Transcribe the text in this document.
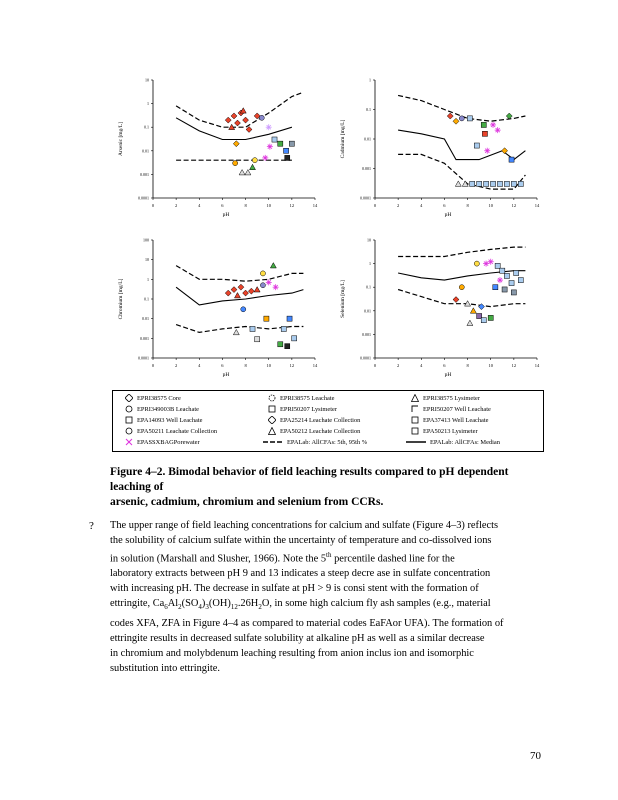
0.0001
0.001
0.01
0.1
1
10
0	2	4	6	8	10	12	14
pH
Arsenic [mg/L]
0.0001
0.001
0.01
0.1
1
0	2	4	6	8	10	12	14
pH
Cadmium [mg/L]
0.0001
0.001
0.01
0.1
1
10
100
0	2	4	6	8	10	12	14
pH
Chromium [mg/L]
0.0001
0.001
0.01
0.1
1
10
0	2	4	6	8	10	12	14
pH
Selenium [mg/L]
EPRI38575 Core	EPRI38575 Leachate	EPRI38575 Lysimeter
EPRI349003B Leachate	EPRI50207 Lysimeter	EPRI50207 Well Leachate
EPA14093 Well Leachate	EPA25214 Leachate Collection	EPA37413 Well Leachate
EPA50211 Leachate Collection	EPA50212 Leachate Collection	EPA50213 Lysimeter
EPASSXBAGPorewater	EPALab: AllCFAs: 5th, 95th %	EPALab: AllCFAs: Median
Figure 4–2. Bimodal behavior of field leaching results compared to pH dependent leaching of
arsenic, cadmium, chromium and selenium from CCRs.
? The upper range of field leaching concentrations for calcium and sulfate (Figure 4–3) reflects
the solubility of calcium sulfate within the uncertainty of temperature and co‐dissolved ions
in solution (Marshall and Slusher, 1966). Note the 5th percentile dashed line for the
laboratory extracts between pH 9 and 13 indicates a steep decre ase in sulfate concentration
with increasing pH. The decrease in sulfate at pH > 9 is consi stent with the formation of
ettringite, $Ca_6Al_2(SO_4)_3(OH)_{12}.26H_2O$, in some high calcium fly ash samples (e.g., material
codes XFA, ZFA in Figure 4–4 as compared to material codes EaFAor UFA). The formation of
ettringite results in decreased sulfate solubility at alkaline pH as well as a similar decrease
in chromium and molybdenum leaching resulting from anion inclus ion and isomorphic
substitution into ettringite.
70
